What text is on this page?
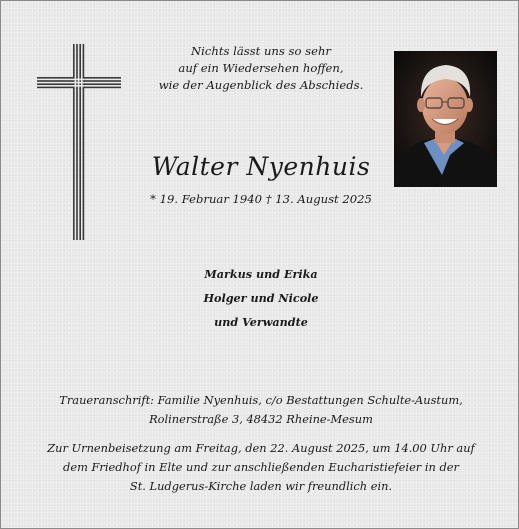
Nichts lässt uns so sehr
auf ein Wiedersehen hoffen,
wie der Augenblick des Abschieds.
Walter Nyenhuis
* 19. Februar 1940 † 13. August 2025
Markus und Erika
Holger und Nicole
und Verwandte
Traueranschrift: Familie Nyenhuis, c/o Bestattungen Schulte-Austum,
Rolinerstraße 3, 48432 Rheine-Mesum
Zur Urnenbeisetzung am Freitag, den 22. August 2025, um 14.00 Uhr auf
dem Friedhof in Elte und zur anschließenden Eucharistiefeier in der
St. Ludgerus-Kirche laden wir freundlich ein.
